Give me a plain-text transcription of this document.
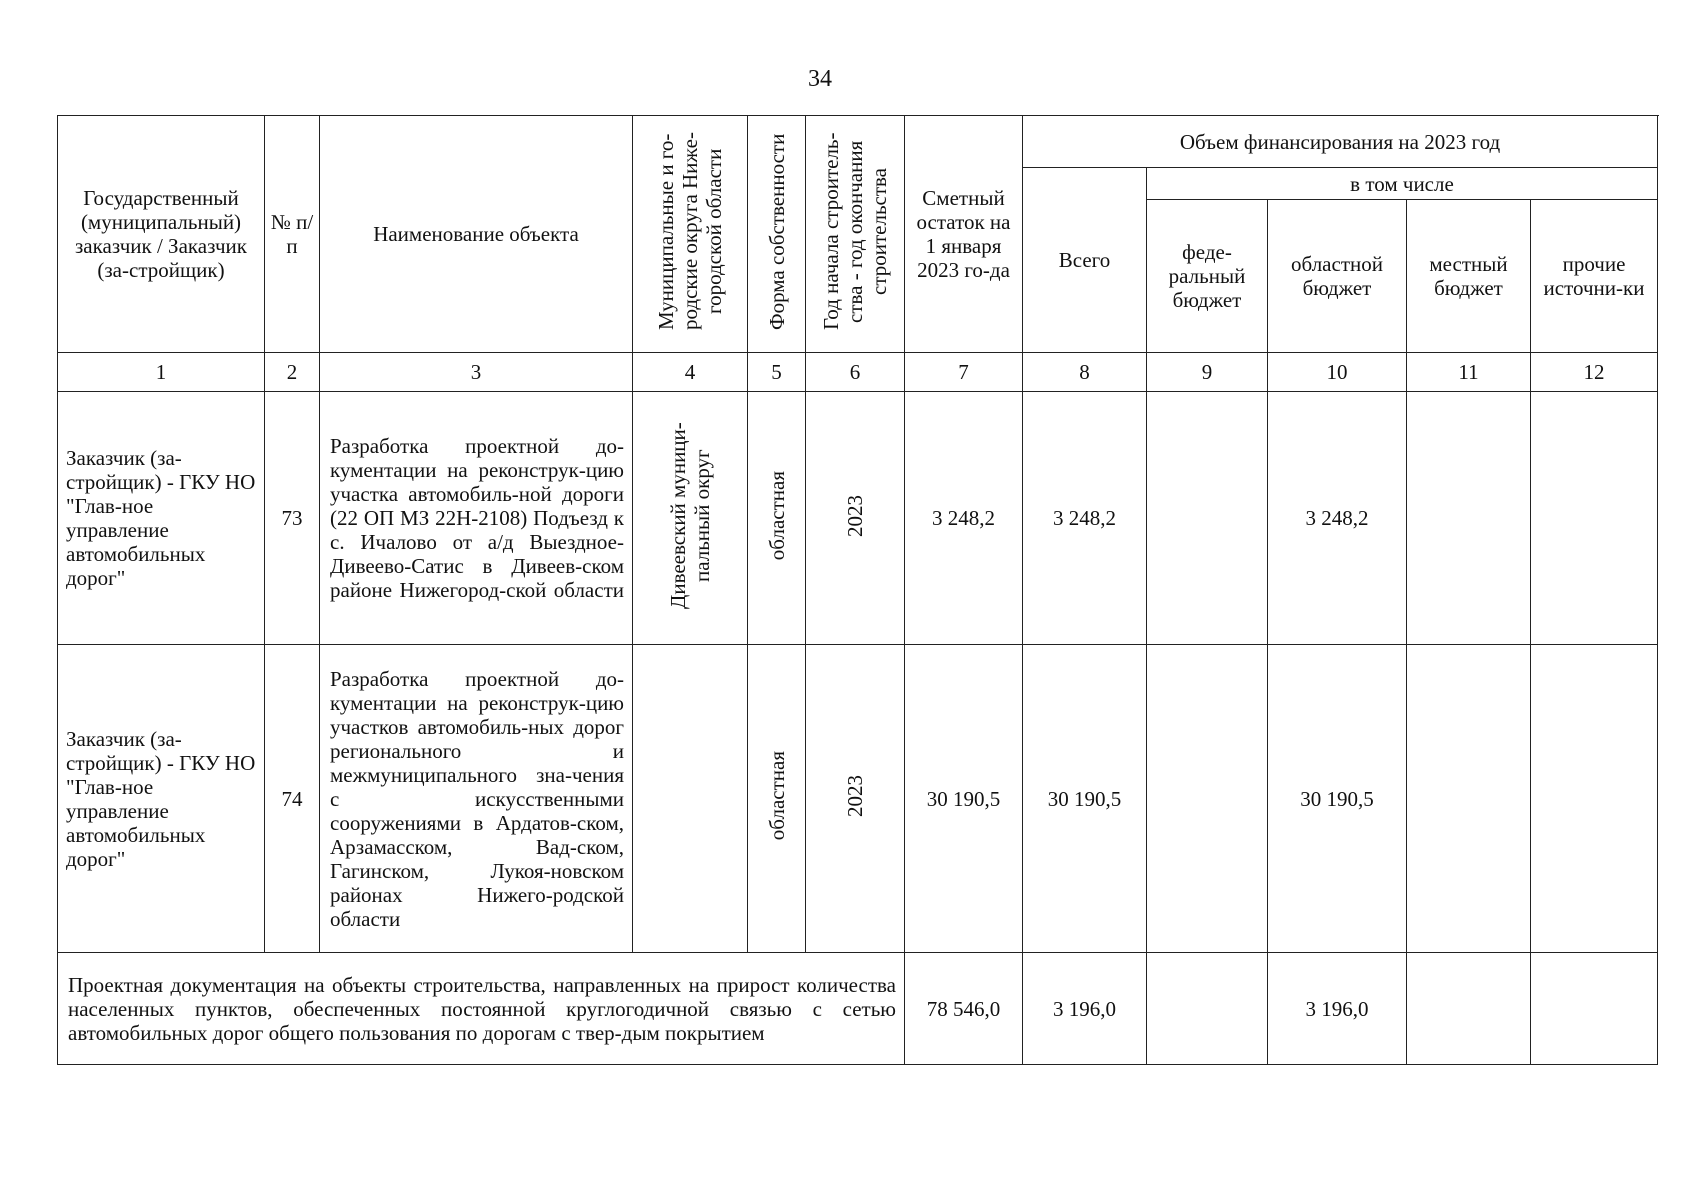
34
Государственный (муниципальный) заказчик / Заказчик (за-стройщик)	№ п/п	Наименование объекта	Муниципальные и го-родские округа Ниже-городской области	Форма собственности	Год начала строитель-ства - год окончания строительства	Сметный остаток на 1 января 2023 го-да	Объем финансирования на 2023 год				
							Всего	в том числе			
								феде-ральный бюджет	областной бюджет	местный бюджет	прочие источни-ки
1	2	3	4	5	6	7	8	9	10	11	12
Заказчик (за-стройщик) - ГКУ НО "Глав-ное управление автомобильных дорог"	73	Разработка проектной до-кументации на реконструк-цию участка автомобиль-ной дороги (22 ОП МЗ 22Н-2108) Подъезд к с. Ичалово от а/д Выездное-Дивеево-Сатис в Дивеев-ском районе Нижегород-ской области	Дивеевский муници-пальный округ	областная	2023	3 248,2	3 248,2		3 248,2		
Заказчик (за-стройщик) - ГКУ НО "Глав-ное управление автомобильных дорог"	74	Разработка проектной до-кументации на реконструк-цию участков автомобиль-ных дорог регионального и межмуниципального зна-чения с искусственными сооружениями в Ардатов-ском, Арзамасском, Вад-ском, Гагинском, Лукоя-новском районах Нижего-родской области		областная	2023	30 190,5	30 190,5		30 190,5		
Проектная документация на объекты строительства, направленных на прирост количества населенных пунктов, обеспеченных постоянной круглогодичной связью с сетью автомобильных дорог общего пользования по дорогам с твер-дым покрытием						78 546,0	3 196,0		3 196,0		
